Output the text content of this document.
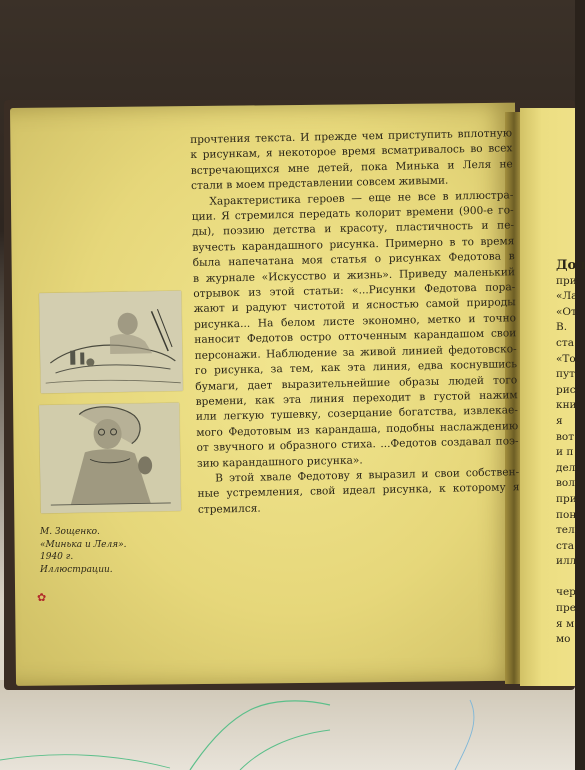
прочтения текста. И прежде чем приступить вплотную

к рисункам, я некоторое время всматривалось во всех

встречающихся мне детей, пока Минька и Леля не

стали в моем представлении совсем живыми.

Характеристика героев — еще не все в иллюстра-

ции. Я стремился передать колорит времени (900-е го-

ды), поэзию детства и красоту, пластичность и пе-

вучесть карандашного рисунка. Примерно в то время

была напечатана моя статья о рисунках Федотова в

в журнале «Искусство и жизнь». Приведу маленький

отрывок из этой статьи: «...Рисунки Федотова пора-

жают и радуют чистотой и ясностью самой природы

рисунка... На белом листе экономно, метко и точно

наносит Федотов остро отточенным карандашом свои

персонажи. Наблюдение за живой линией федотовско-

го рисунка, за тем, как эта линия, едва коснувшись

бумаги, дает выразительнейшие образы людей того

времени, как эта линия переходит в густой нажим

или легкую тушевку, созерцание богатства, извлекае-

мого Федотовым из карандаша, подобны наслаждению

от звучного и образного стиха. ...Федотов создавал поэ-

зию карандашного рисунка».

В этой хвале Федотову я выразил и свои собствен-

ные устремления, свой идеал рисунка, к которому я

стремился.

М. Зощенко.
«Минька и Леля».
1940 г.
Иллюстрации.
✿
Дол
при
«Ла
«От
В.
ста
«То
пут
рис
кни
я
вот
и п
дел
вол
при
пон
тел
ста
илл

чер
пре
я м
мо
